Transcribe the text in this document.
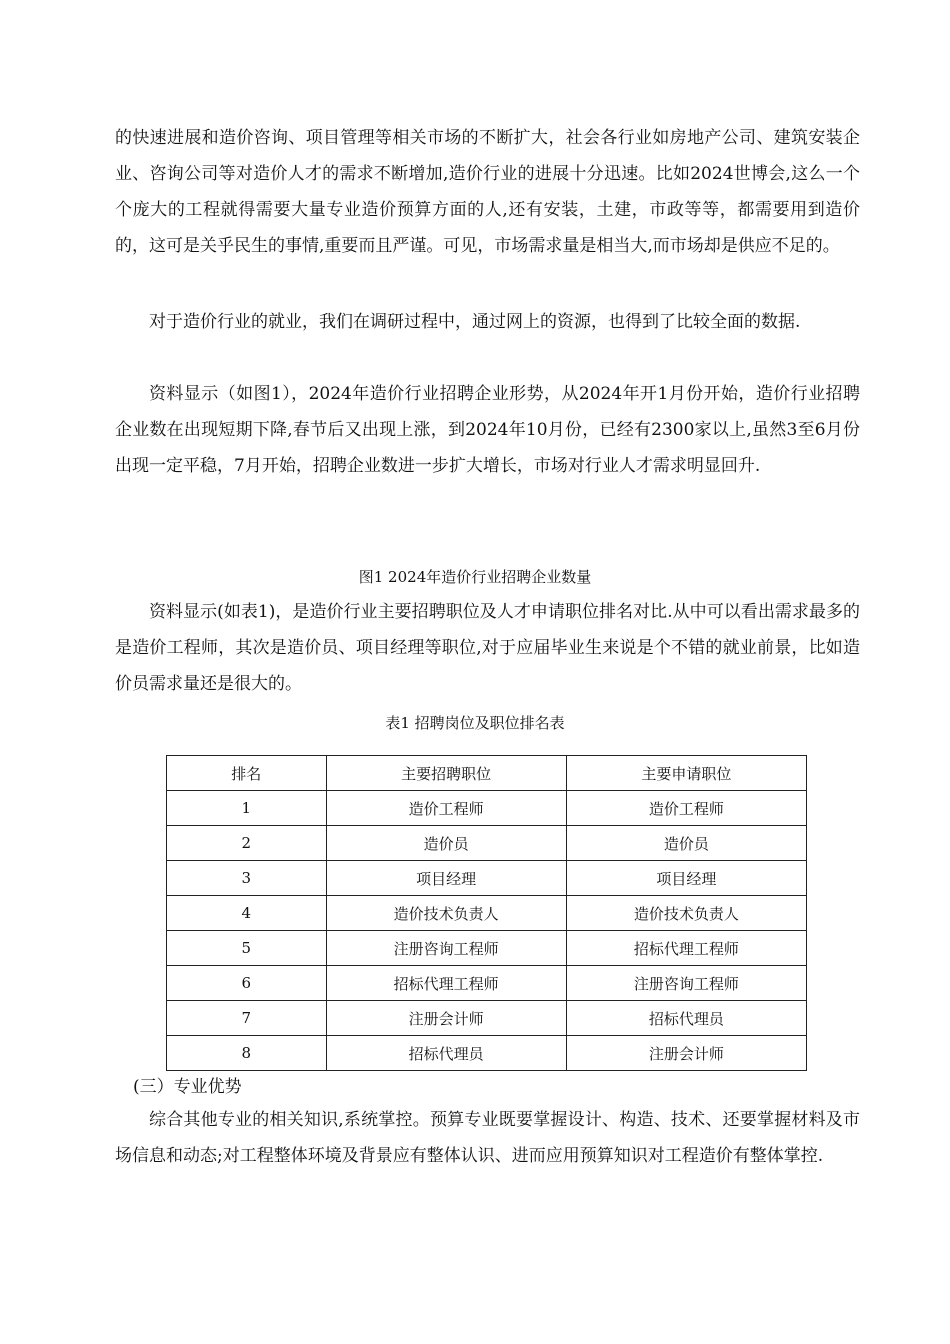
的快速进展和造价咨询、项目管理等相关市场的不断扩大，社会各行业如房地产公司、建筑安装企业、咨询公司等对造价人才的需求不断增加,造价行业的进展十分迅速。比如2024世博会,这么一个个庞大的工程就得需要大量专业造价预算方面的人,还有安装，土建，市政等等，都需要用到造价的，这可是关乎民生的事情,重要而且严谨。可见，市场需求量是相当大,而市场却是供应不足的。

对于造价行业的就业，我们在调研过程中，通过网上的资源，也得到了比较全面的数据.

资料显示（如图1），2024年造价行业招聘企业形势，从2024年开1月份开始，造价行业招聘企业数在出现短期下降,春节后又出现上涨，到2024年10月份，已经有2300家以上,虽然3至6月份出现一定平稳，7月开始，招聘企业数进一步扩大增长，市场对行业人才需求明显回升.

图1 2024年造价行业招聘企业数量

资料显示(如表1)，是造价行业主要招聘职位及人才申请职位排名对比.从中可以看出需求最多的是造价工程师，其次是造价员、项目经理等职位,对于应届毕业生来说是个不错的就业前景，比如造价员需求量还是很大的。

表1 招聘岗位及职位排名表

排名	主要招聘职位	主要申请职位
1	造价工程师	造价工程师
2	造价员	造价员
3	项目经理	项目经理
4	造价技术负责人	造价技术负责人
5	注册咨询工程师	招标代理工程师
6	招标代理工程师	注册咨询工程师
7	注册会计师	招标代理员
8	招标代理员	注册会计师

(三）专业优势

综合其他专业的相关知识,系统掌控。预算专业既要掌握设计、构造、技术、还要掌握材料及市场信息和动态;对工程整体环境及背景应有整体认识、进而应用预算知识对工程造价有整体掌控.
